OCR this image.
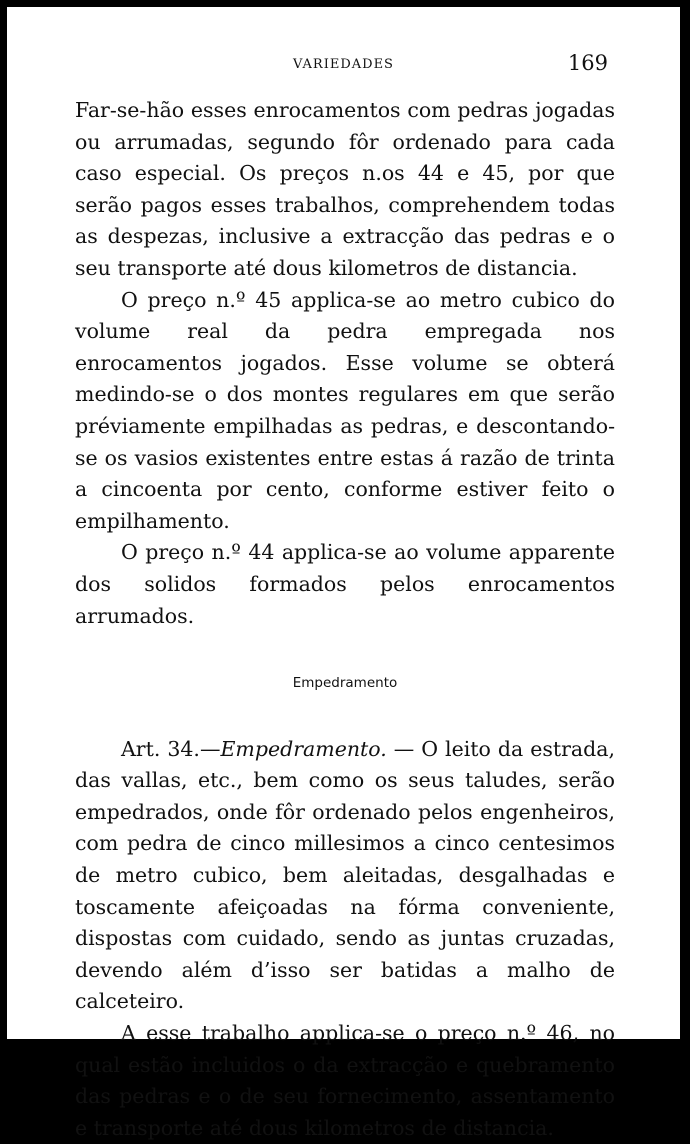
VARIEDADES	169

Far-se-hão esses enrocamentos com pedras jogadas ou arrumadas, segundo fôr ordenado para cada caso especial. Os preços n.os 44 e 45, por que serão pagos esses trabalhos, comprehendem todas as despezas, inclusive a extracção das pedras e o seu transporte até dous kilometros de distancia.

O preço n.º 45 applica-se ao metro cubico do volume real da pedra empregada nos enrocamentos jogados. Esse volume se obterá medindo-se o dos montes regulares em que serão préviamente empilhadas as pedras, e descontando-se os vasios existentes entre estas á razão de trinta a cincoenta por cento, conforme estiver feito o empilhamento.

O preço n.º 44 applica-se ao volume apparente dos solidos formados pelos enrocamentos arrumados.

Empedramento

Art. 34.—Empedramento. — O leito da estrada, das vallas, etc., bem como os seus taludes, serão empedrados, onde fôr ordenado pelos engenheiros, com pedra de cinco millesimos a cinco centesimos de metro cubico, bem aleitadas, desgalhadas e toscamente afeiçoadas na fórma conveniente, dispostas com cuidado, sendo as juntas cruzadas, devendo além d’isso ser batidas a malho de calceteiro.

A esse trabalho applica-se o preço n.º 46, no qual estão incluidos o da extracção e quebramento das pedras e o de seu fornecimento, assentamento e transporte até dous kilometros de distancia.
